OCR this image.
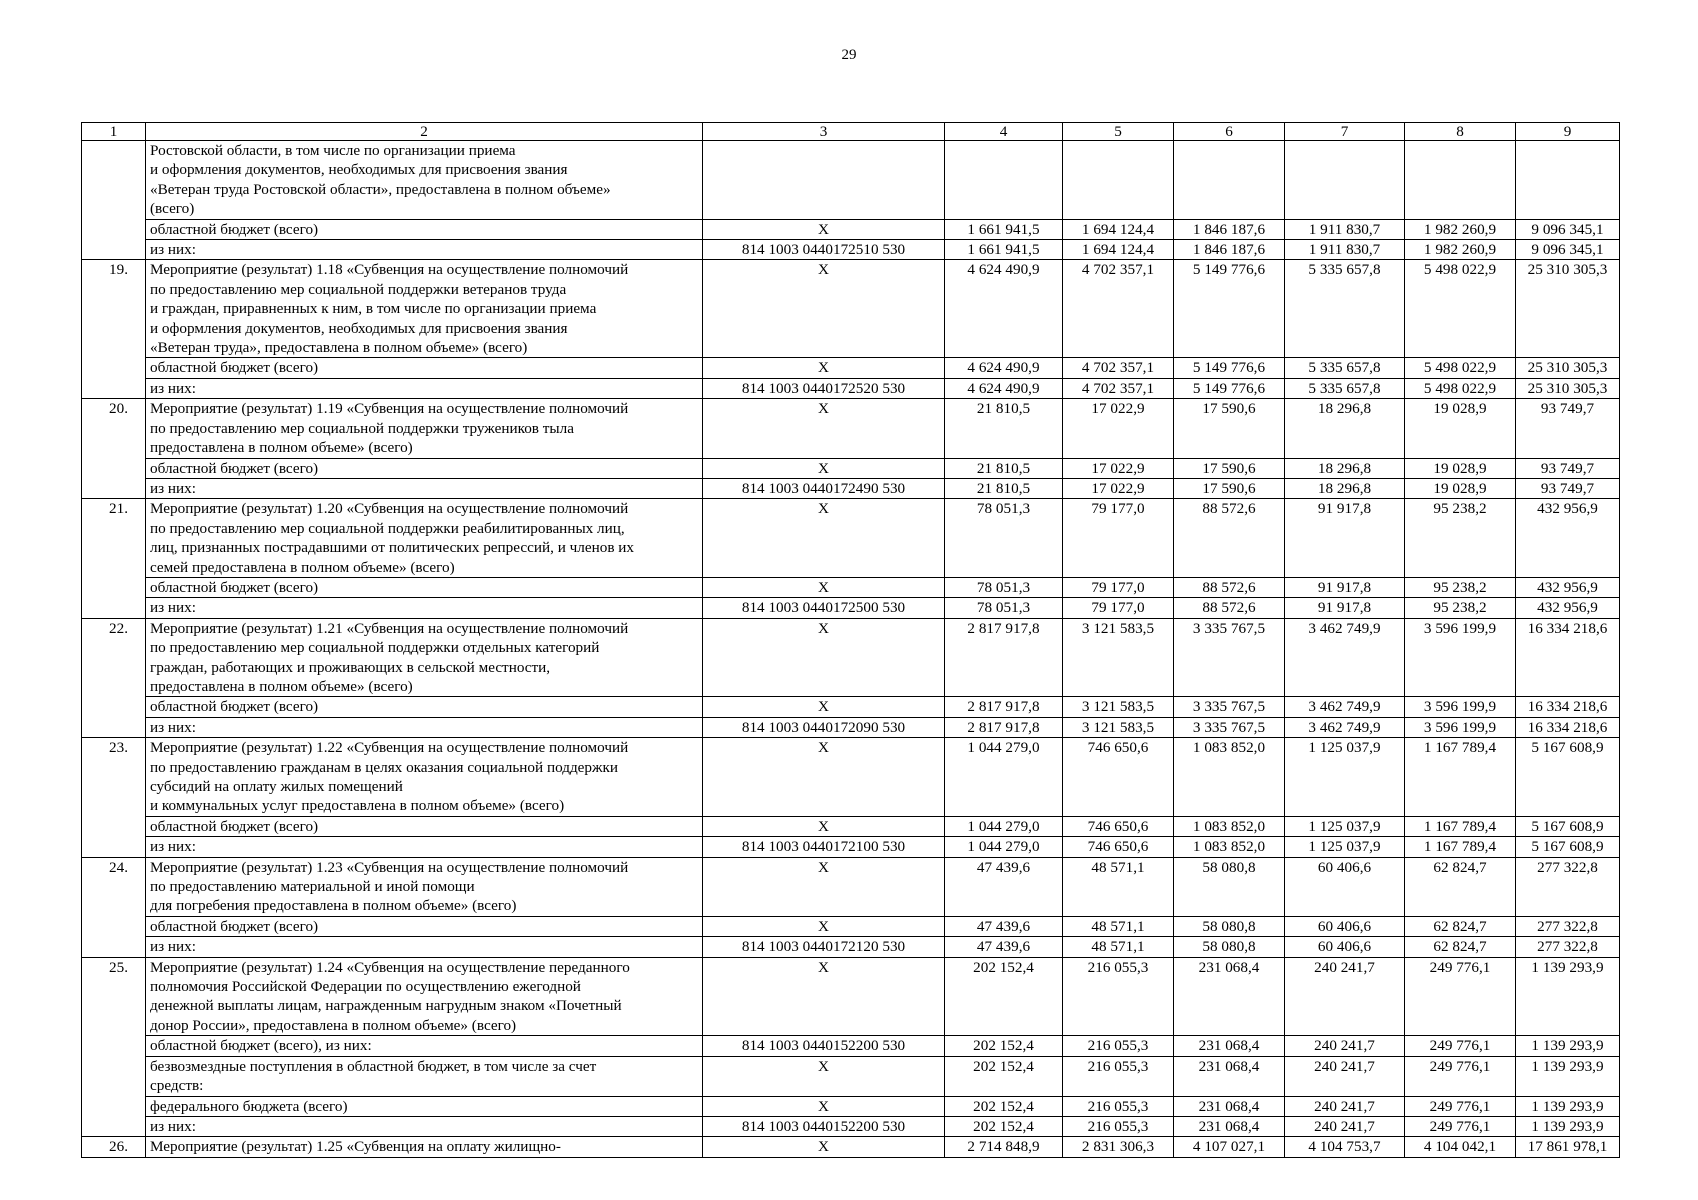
29
1	2	3	4	5	6	7	8	9

	Ростовской области, в том числе по организации приема
и оформления документов, необходимых для присвоения звания
«Ветеран труда Ростовской области», предоставлена в полном объеме»
(всего)							

	областной бюджет (всего)	Х	1 661 941,5	1 694 124,4	1 846 187,6	1 911 830,7	1 982 260,9	9 096 345,1

	из них:	814 1003 0440172510 530	1 661 941,5	1 694 124,4	1 846 187,6	1 911 830,7	1 982 260,9	9 096 345,1
19.	Мероприятие (результат) 1.18 «Субвенция на осуществление полномочий
по предоставлению мер социальной поддержки ветеранов труда
и граждан, приравненных к ним, в том числе по организации приема
и оформления документов, необходимых для присвоения звания
«Ветеран труда», предоставлена в полном объеме» (всего)	Х	4 624 490,9	4 702 357,1	5 149 776,6	5 335 657,8	5 498 022,9	25 310 305,3

	областной бюджет (всего)	Х	4 624 490,9	4 702 357,1	5 149 776,6	5 335 657,8	5 498 022,9	25 310 305,3

	из них:	814 1003 0440172520 530	4 624 490,9	4 702 357,1	5 149 776,6	5 335 657,8	5 498 022,9	25 310 305,3
20.	Мероприятие (результат) 1.19 «Субвенция на осуществление полномочий
по предоставлению мер социальной поддержки тружеников тыла
предоставлена в полном объеме» (всего)	Х	21 810,5	17 022,9	17 590,6	18 296,8	19 028,9	93 749,7

	областной бюджет (всего)	Х	21 810,5	17 022,9	17 590,6	18 296,8	19 028,9	93 749,7

	из них:	814 1003 0440172490 530	21 810,5	17 022,9	17 590,6	18 296,8	19 028,9	93 749,7
21.	Мероприятие (результат) 1.20 «Субвенция на осуществление полномочий
по предоставлению мер социальной поддержки реабилитированных лиц,
лиц, признанных пострадавшими от политических репрессий, и членов их
семей предоставлена в полном объеме» (всего)	Х	78 051,3	79 177,0	88 572,6	91 917,8	95 238,2	432 956,9

	областной бюджет (всего)	Х	78 051,3	79 177,0	88 572,6	91 917,8	95 238,2	432 956,9

	из них:	814 1003 0440172500 530	78 051,3	79 177,0	88 572,6	91 917,8	95 238,2	432 956,9
22.	Мероприятие (результат) 1.21 «Субвенция на осуществление полномочий
по предоставлению мер социальной поддержки отдельных категорий
граждан, работающих и проживающих в сельской местности,
предоставлена в полном объеме» (всего)	Х	2 817 917,8	3 121 583,5	3 335 767,5	3 462 749,9	3 596 199,9	16 334 218,6

	областной бюджет (всего)	Х	2 817 917,8	3 121 583,5	3 335 767,5	3 462 749,9	3 596 199,9	16 334 218,6

	из них:	814 1003 0440172090 530	2 817 917,8	3 121 583,5	3 335 767,5	3 462 749,9	3 596 199,9	16 334 218,6
23.	Мероприятие (результат) 1.22 «Субвенция на осуществление полномочий
по предоставлению гражданам в целях оказания социальной поддержки
субсидий на оплату жилых помещений
и коммунальных услуг предоставлена в полном объеме» (всего)	Х	1 044 279,0	746 650,6	1 083 852,0	1 125 037,9	1 167 789,4	5 167 608,9

	областной бюджет (всего)	Х	1 044 279,0	746 650,6	1 083 852,0	1 125 037,9	1 167 789,4	5 167 608,9

	из них:	814 1003 0440172100 530	1 044 279,0	746 650,6	1 083 852,0	1 125 037,9	1 167 789,4	5 167 608,9
24.	Мероприятие (результат) 1.23 «Субвенция на осуществление полномочий
по предоставлению материальной и иной помощи
для погребения предоставлена в полном объеме» (всего)	Х	47 439,6	48 571,1	58 080,8	60 406,6	62 824,7	277 322,8

	областной бюджет (всего)	Х	47 439,6	48 571,1	58 080,8	60 406,6	62 824,7	277 322,8

	из них:	814 1003 0440172120 530	47 439,6	48 571,1	58 080,8	60 406,6	62 824,7	277 322,8
25.	Мероприятие (результат) 1.24 «Субвенция на осуществление переданного
полномочия Российской Федерации по осуществлению ежегодной
денежной выплаты лицам, награжденным нагрудным знаком «Почетный
донор России», предоставлена в полном объеме» (всего)	Х	202 152,4	216 055,3	231 068,4	240 241,7	249 776,1	1 139 293,9

	областной бюджет (всего), из них:	814 1003 0440152200 530	202 152,4	216 055,3	231 068,4	240 241,7	249 776,1	1 139 293,9

	безвозмездные поступления в областной бюджет, в том числе за счет
средств:	Х	202 152,4	216 055,3	231 068,4	240 241,7	249 776,1	1 139 293,9

	федерального бюджета (всего)	Х	202 152,4	216 055,3	231 068,4	240 241,7	249 776,1	1 139 293,9

	из них:	814 1003 0440152200 530	202 152,4	216 055,3	231 068,4	240 241,7	249 776,1	1 139 293,9
26.	Мероприятие (результат) 1.25 «Субвенция на оплату жилищно-	Х	2 714 848,9	2 831 306,3	4 107 027,1	4 104 753,7	4 104 042,1	17 861 978,1
